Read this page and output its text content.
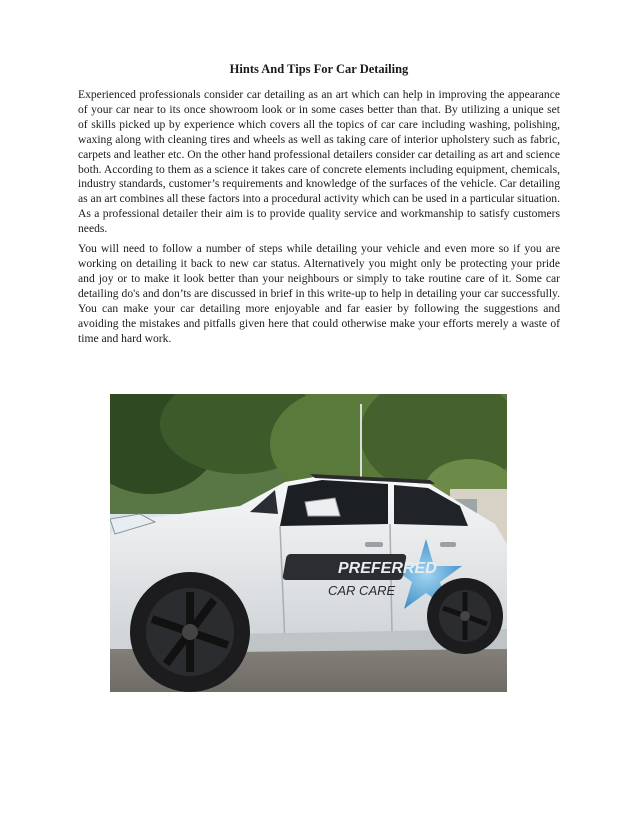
Hints And Tips For Car Detailing

Experienced professionals consider car detailing as an art which can help in improving the appearance of your car near to its once showroom look or in some cases better than that. By utilizing a unique set of skills picked up by experience which covers all the topics of car care including washing, polishing, waxing along with cleaning tires and wheels as well as taking care of interior upholstery such as fabric, carpets and leather etc. On the other hand professional detailers consider car detailing as art and science both. According to them as a science it takes care of concrete elements including equipment, chemicals, industry standards, customer’s requirements and knowledge of the surfaces of the vehicle. Car detailing as an art combines all these factors into a procedural activity which can be used in a particular situation. As a professional detailer their aim is to provide quality service and workmanship to satisfy customers needs.

You will need to follow a number of steps while detailing your vehicle and even more so if you are working on detailing it back to new car status. Alternatively you might only be protecting your pride and joy or to make it look better than your neighbours or simply to take routine care of it. Some car detailing do's and don’ts are discussed in brief in this write-up to help in detailing your car successfully. You can make your car detailing more enjoyable and far easier by following the suggestions and avoiding the mistakes and pitfalls given here that could otherwise make your efforts merely a waste of time and hard work.

PREFERRED
CAR CARE
